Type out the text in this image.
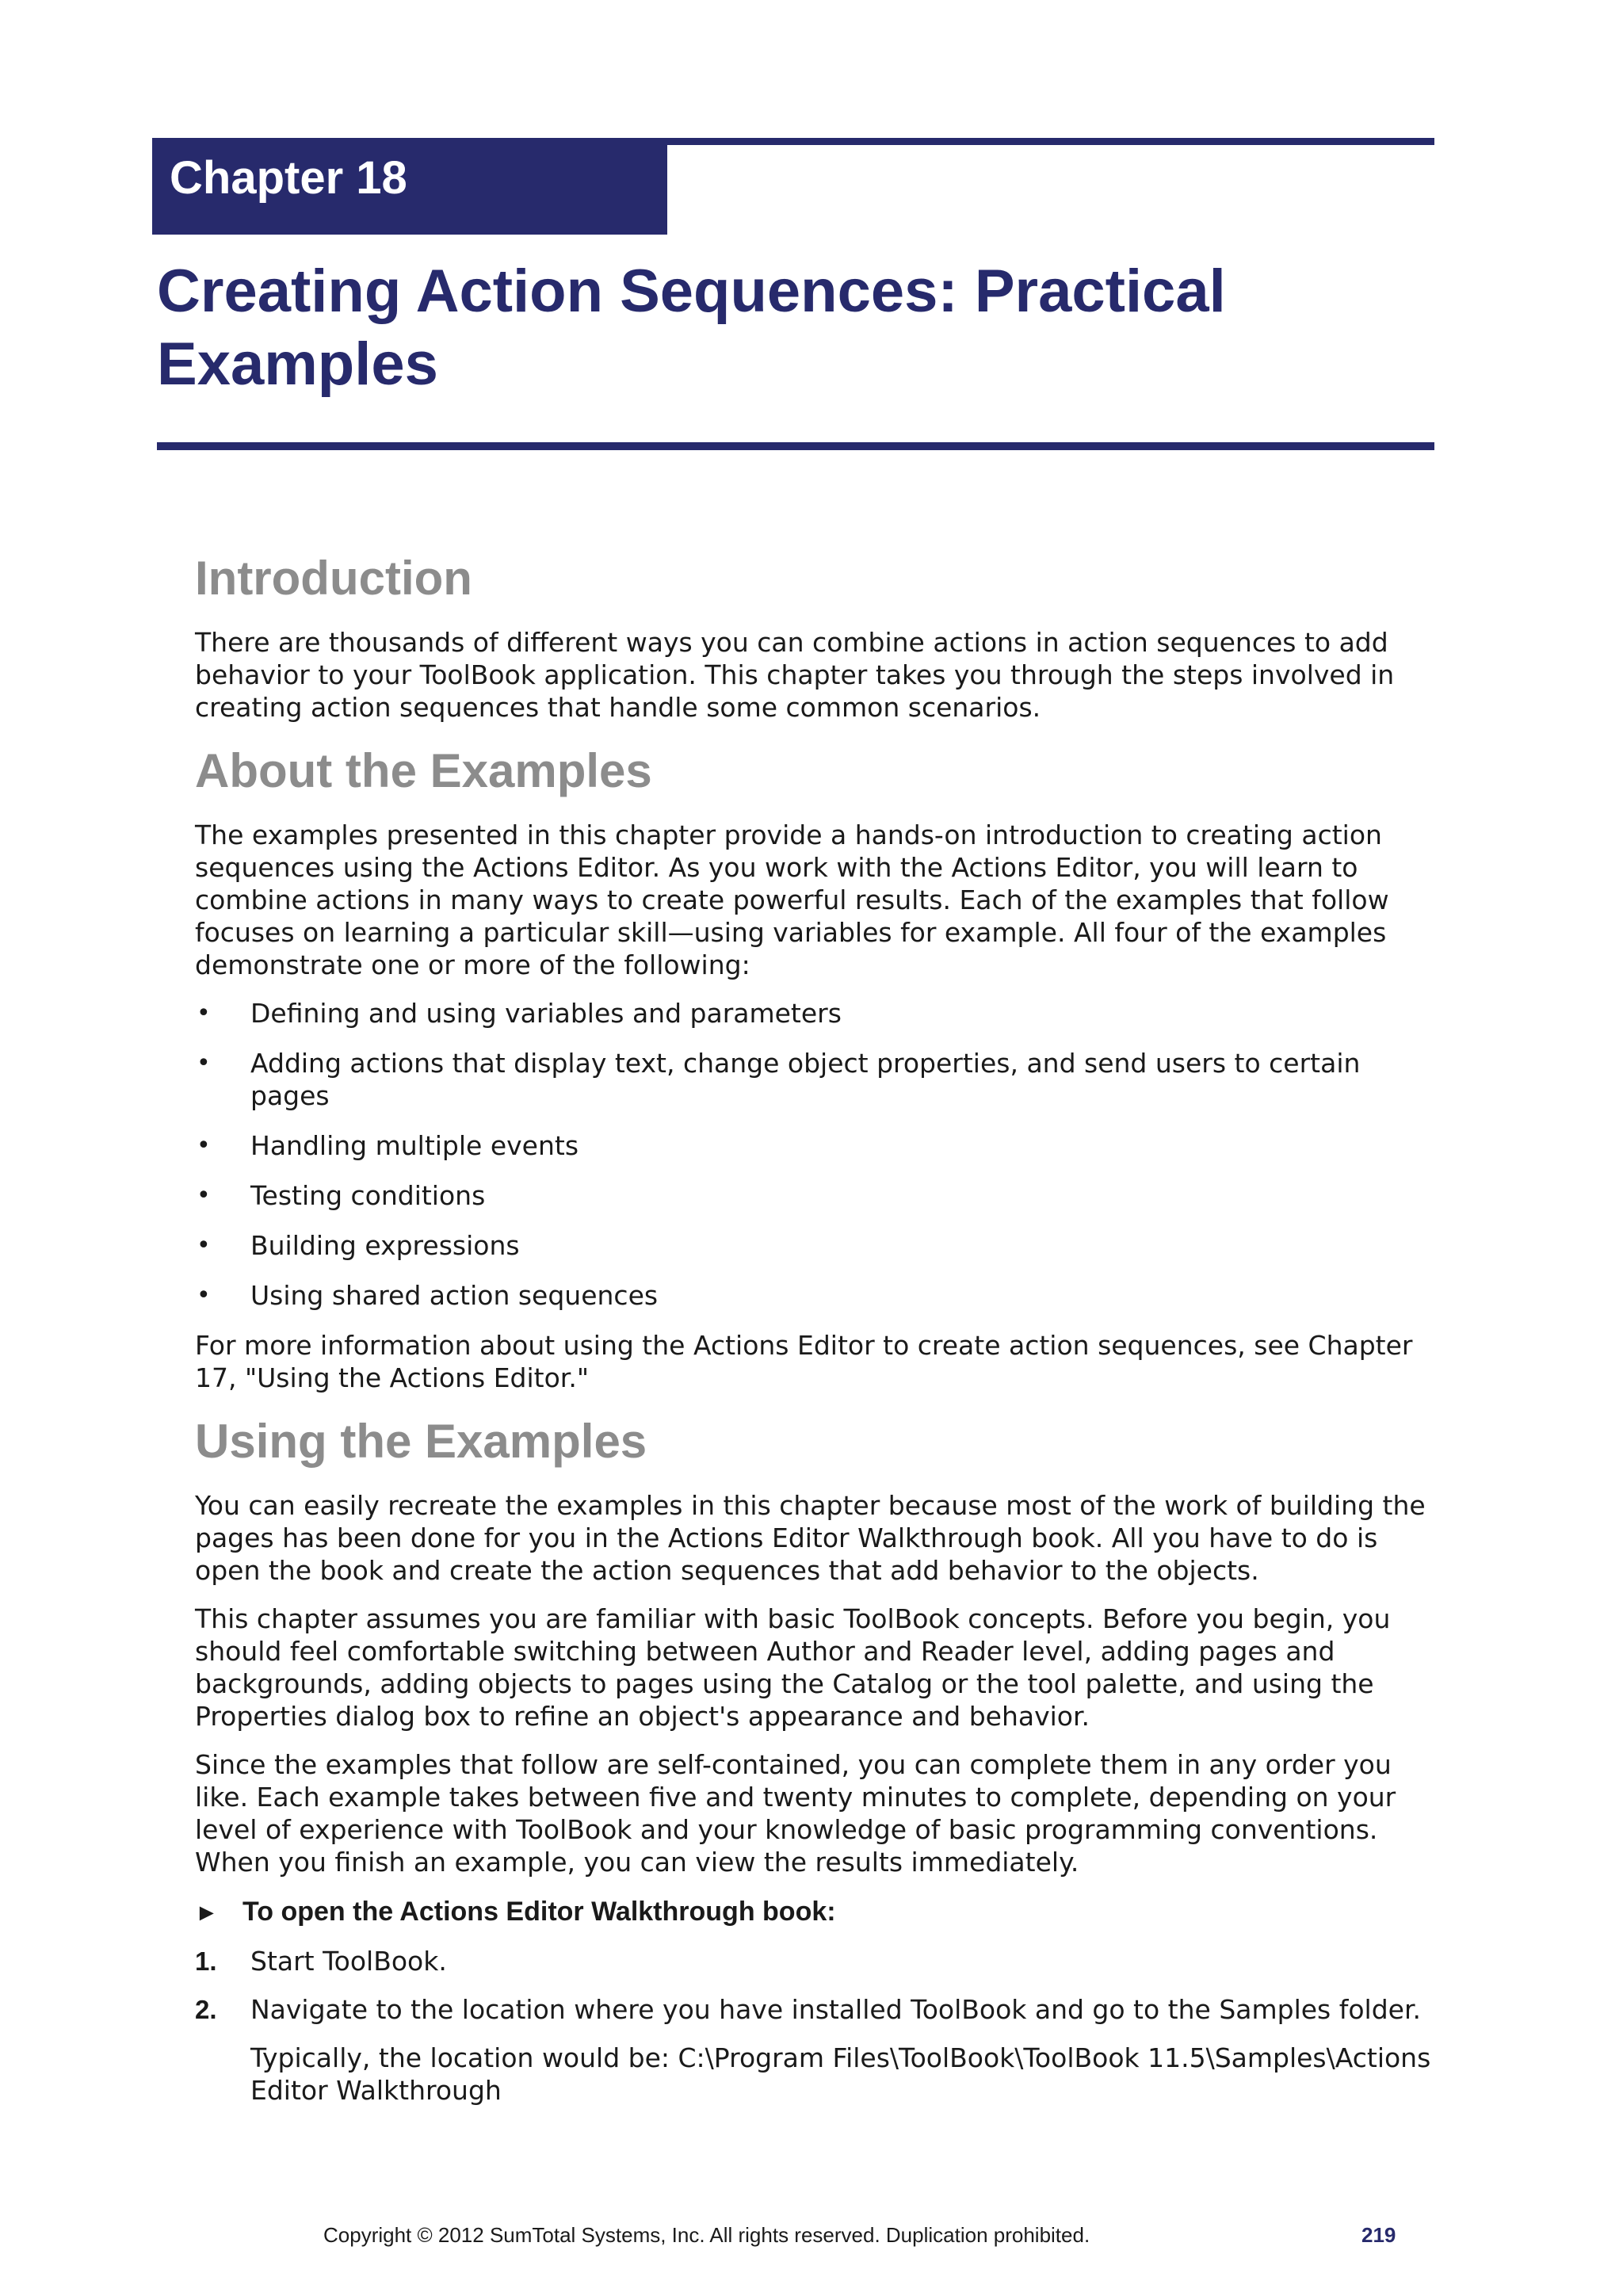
Chapter 18
Creating Action Sequences: Practical Examples
Introduction

There are thousands of different ways you can combine actions in action sequences to add behavior to your ToolBook application. This chapter takes you through the steps involved in creating action sequences that handle some common scenarios.

About the Examples

The examples presented in this chapter provide a hands-on introduction to creating action sequences using the Actions Editor. As you work with the Actions Editor, you will learn to combine actions in many ways to create powerful results. Each of the examples that follow focuses on learning a particular skill—using variables for example. All four of the examples demonstrate one or more of the following:

• Defining and using variables and parameters
• Adding actions that display text, change object properties, and send users to certain pages
• Handling multiple events
• Testing conditions
• Building expressions
• Using shared action sequences

For more information about using the Actions Editor to create action sequences, see Chapter 17, "Using the Actions Editor."

Using the Examples

You can easily recreate the examples in this chapter because most of the work of building the pages has been done for you in the Actions Editor Walkthrough book. All you have to do is open the book and create the action sequences that add behavior to the objects.

This chapter assumes you are familiar with basic ToolBook concepts. Before you begin, you should feel comfortable switching between Author and Reader level, adding pages and backgrounds, adding objects to pages using the Catalog or the tool palette, and using the Properties dialog box to refine an object's appearance and behavior.

Since the examples that follow are self-contained, you can complete them in any order you like. Each example takes between five and twenty minutes to complete, depending on your level of experience with ToolBook and your knowledge of basic programming conventions. When you finish an example, you can view the results immediately.

► To open the Actions Editor Walkthrough book:
1. Start ToolBook.
2. Navigate to the location where you have installed ToolBook and go to the Samples folder.
Typically, the location would be: C:\Program Files\ToolBook\ToolBook 11.5\Samples\Actions Editor Walkthrough
Copyright © 2012 SumTotal Systems, Inc. All rights reserved. Duplication prohibited.	219
